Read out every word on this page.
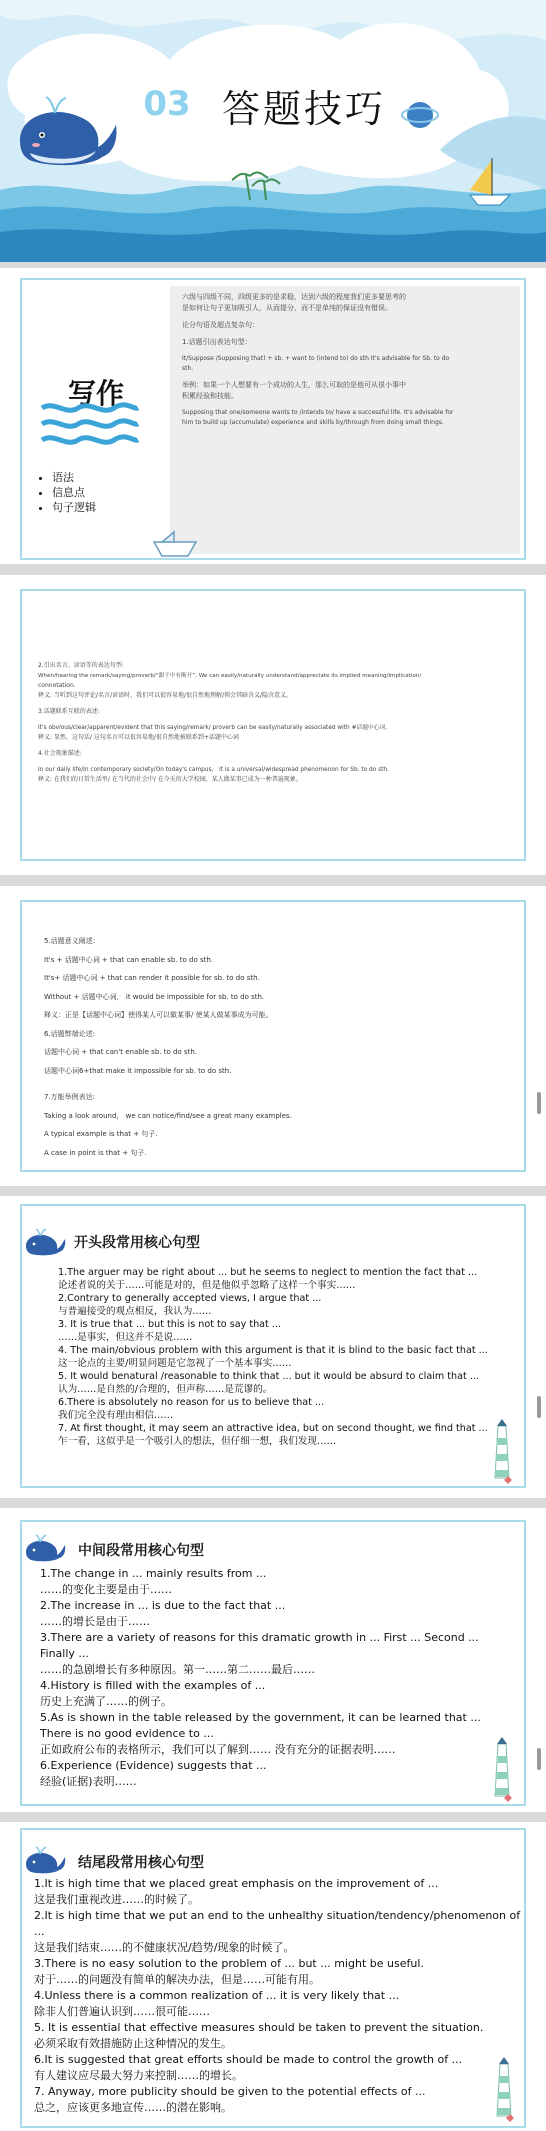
03 答题技巧
写作
• 语法
• 信息点
• 句子逻辑
六级与四级不同，四级更多的是求稳，达到六级的程度我们更多要思考的
是如何让句子更加吸引人，从而提分，而不是单纯的保证没有错误。
论分句语及超点复杂句：
1.话题引出表达句型：
It/Suppose /Supposing that) + sb. + want to (intend to) do sth It's advisable for Sb. to do
sth.
举例：如果一个人想要有一个成功的人生，那么可取的是他可从很小事中
积累经验和技能。
Supposing that one/someone wants to /intends to/ have a successful life. It's advisable for
him to build up (accumulate) experience and skills by/through from doing small things.
2.引出名言、谚语等的表达句型:
When/hearing the remark/saying/proverb/“跟千中有断开”, We can easily/naturally understand/appreciate its implied meaning/implication/
connotation.
释义: 当听到这句评论/名言/谚语时，我们可以很容易地/很自然地理解/领会其暗含义/隐含意义。
3.话题联系互联的表述:
It's obvious/clear/apparent/evident that this saying/remark/ proverb can be easily/naturally associated with #话题中心词.
释义: 显然，这句话/ 这句名言可以很容易地/很自然地被联系到+话题中心词
4.社会现象描述:
In our daily life/In contemporary society/On today's campus， it is a universal/widespread phenomenon for Sb. to do sth.
释义: 在我们的日常生活里/ 在当代的社会中/ 在今天的大学校园，某人做某事已成为一种普遍现象。
5.话题意义阐述：
It's + 话题中心词 + that can enable sb. to do sth.
It's+ 话题中心词 + that can render it possible for sb. to do sth.
Without + 话题中心词， it would be impossible for sb. to do sth.
释义：正是【话题中心词】使得某人可以做某事/ 使某人做某事成为可能。
6.话题弊端论述:
话题中心词 + that can't enable sb. to do sth.
话题中心词6+that make it impossible for sb. to do sth.
7.万能举例表达:
Taking a look around， we can notice/find/see a great many examples.
A typical example is that + 句子.
A case in point is that + 句子.
开头段常用核心句型
1.The arguer may be right about ... but he seems to neglect to mention the fact that ...
论述者说的关于……可能是对的，但是他似乎忽略了这样一个事实……
2.Contrary to generally accepted views, I argue that ...
与普遍接受的观点相反，我认为……
3. It is true that ... but this is not to say that ...
……是事实，但这并不是说……
4. The main/obvious problem with this argument is that it is blind to the basic fact that ...
这一论点的主要/明显问题是它忽视了一个基本事实……
5. It would benatural /reasonable to think that ... but it would be absurd to claim that ...
认为……是自然的/合理的，但声称……是荒谬的。
6.There is absolutely no reason for us to believe that ...
我们完全没有理由相信……
7. At first thought, it may seem an attractive idea, but on second thought, we find that ...
乍一看，这似乎是一个吸引人的想法，但仔细一想，我们发现……
中间段常用核心句型
1.The change in ... mainly results from ...
……的变化主要是由于……
2.The increase in ... is due to the fact that ...
……的增长是由于……
3.There are a variety of reasons for this dramatic growth in ... First ... Second ... Finally ...
……的急剧增长有多种原因。第一……第二……最后……
4.History is filled with the examples of ...
历史上充满了……的例子。
5.As is shown in the table released by the government, it can be learned that ... There is no good evidence to ...
正如政府公布的表格所示，我们可以了解到…… 没有充分的证据表明……
6.Experience (Evidence) suggests that ...
经验(证据)表明……
结尾段常用核心句型
1.It is high time that we placed great emphasis on the improvement of ...
这是我们重视改进……的时候了。
2.It is high time that we put an end to the unhealthy situation/tendency/phenomenon of ...
这是我们结束……的不健康状况/趋势/现象的时候了。
3.There is no easy solution to the problem of ... but ... might be useful.
对于……的问题没有简单的解决办法，但是……可能有用。
4.Unless there is a common realization of ... it is very likely that ...
除非人们普遍认识到……很可能……
5. It is essential that effective measures should be taken to prevent the situation.
必须采取有效措施防止这种情况的发生。
6.It is suggested that great efforts should be made to control the growth of ...
有人建议应尽最大努力来控制……的增长。
7. Anyway, more publicity should be given to the potential effects of ...
总之，应该更多地宣传……的潜在影响。
